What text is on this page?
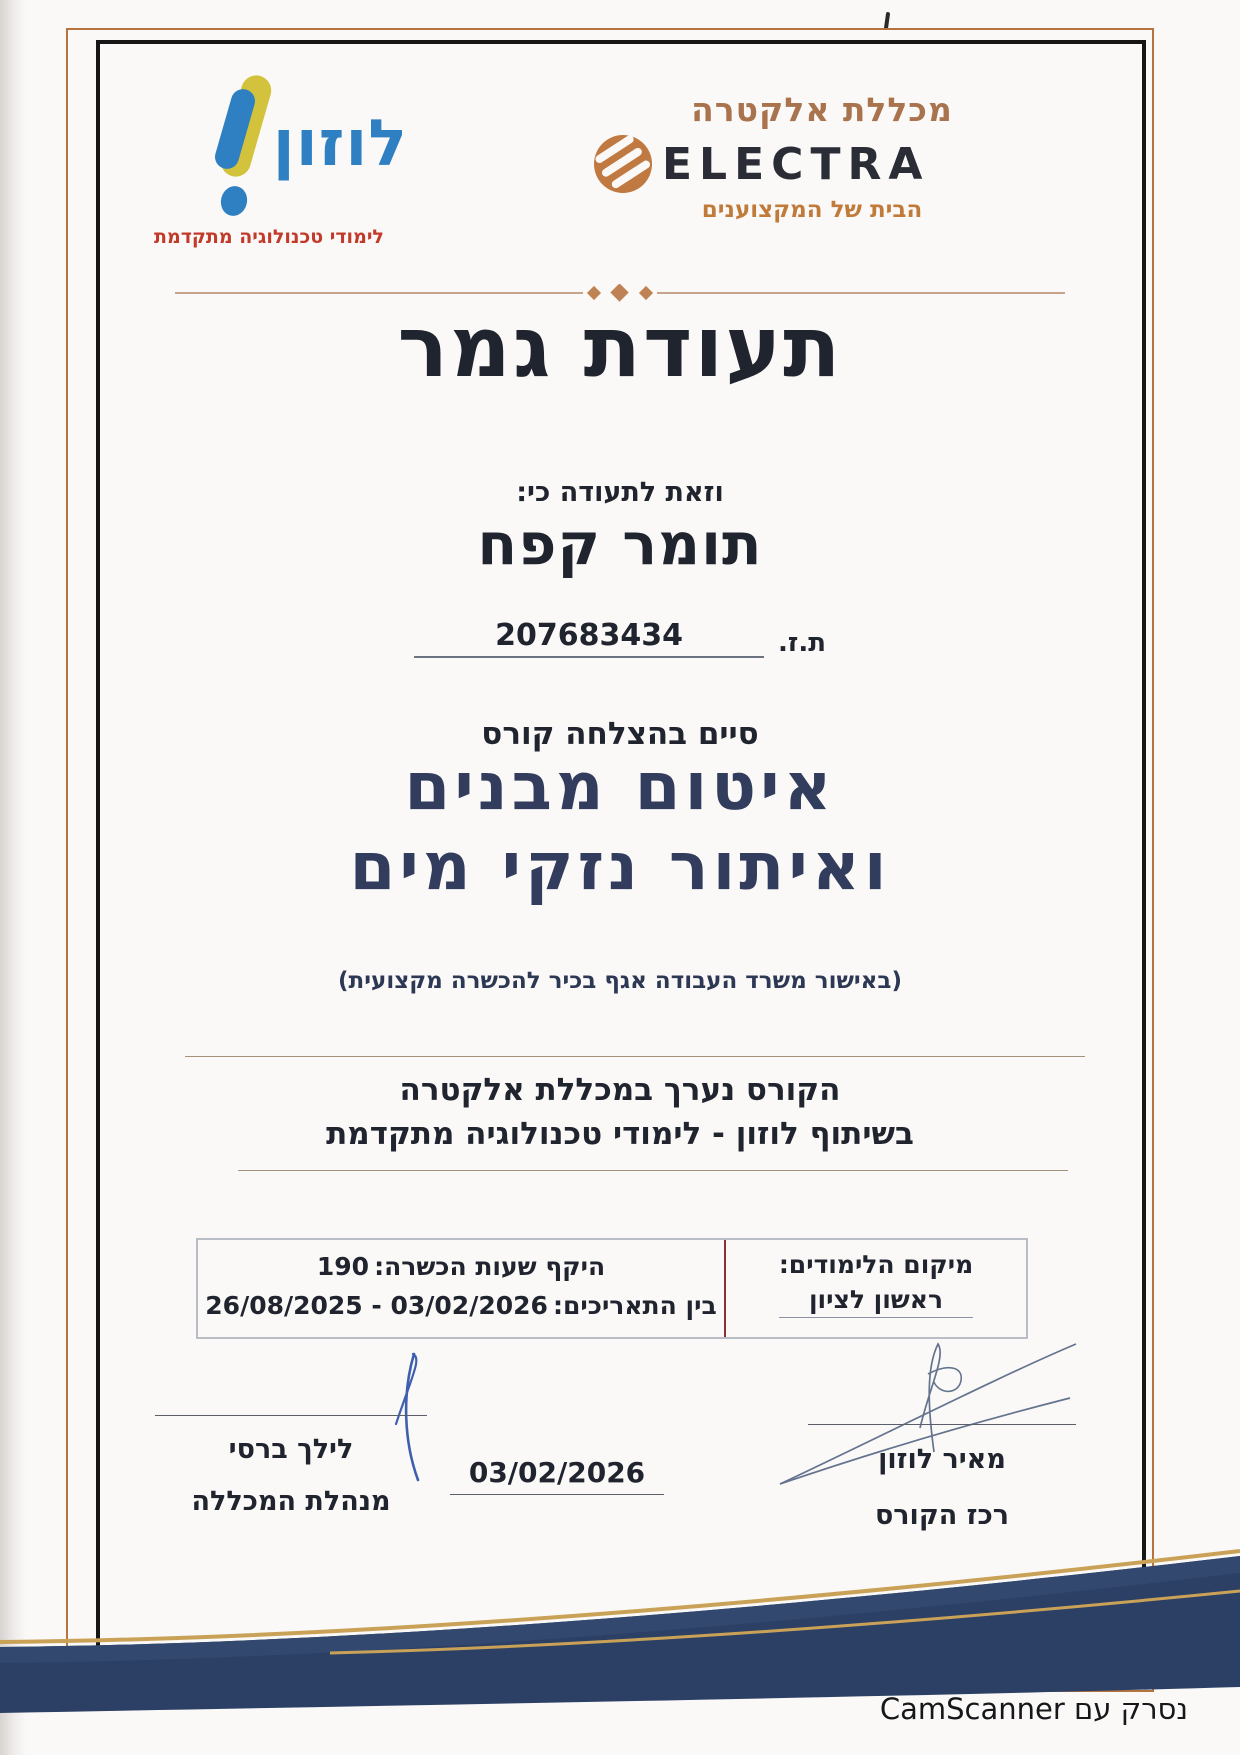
לוזון
לימודי טכנולוגיה מתקדמת
מכללת אלקטרה
ELECTRA
הבית של המקצוענים
תעודת גמר
וזאת לתעודה כי:
תומר קפח
ת.ז.
207683434
סיים בהצלחה קורס
איטום מבנים
ואיתור נזקי מים
(באישור משרד העבודה אגף בכיר להכשרה מקצועית)
הקורס נערך במכללת אלקטרה
בשיתוף לוזון - לימודי טכנולוגיה מתקדמת
מיקום הלימודים:
ראשון לציון
היקף שעות הכשרה: 190
בין התאריכים: 26/08/2025 - 03/02/2026
לילך ברסי
מנהלת המכללה
מאיר לוזון
רכז הקורס
03/02/2026
נסרק עם CamScanner
